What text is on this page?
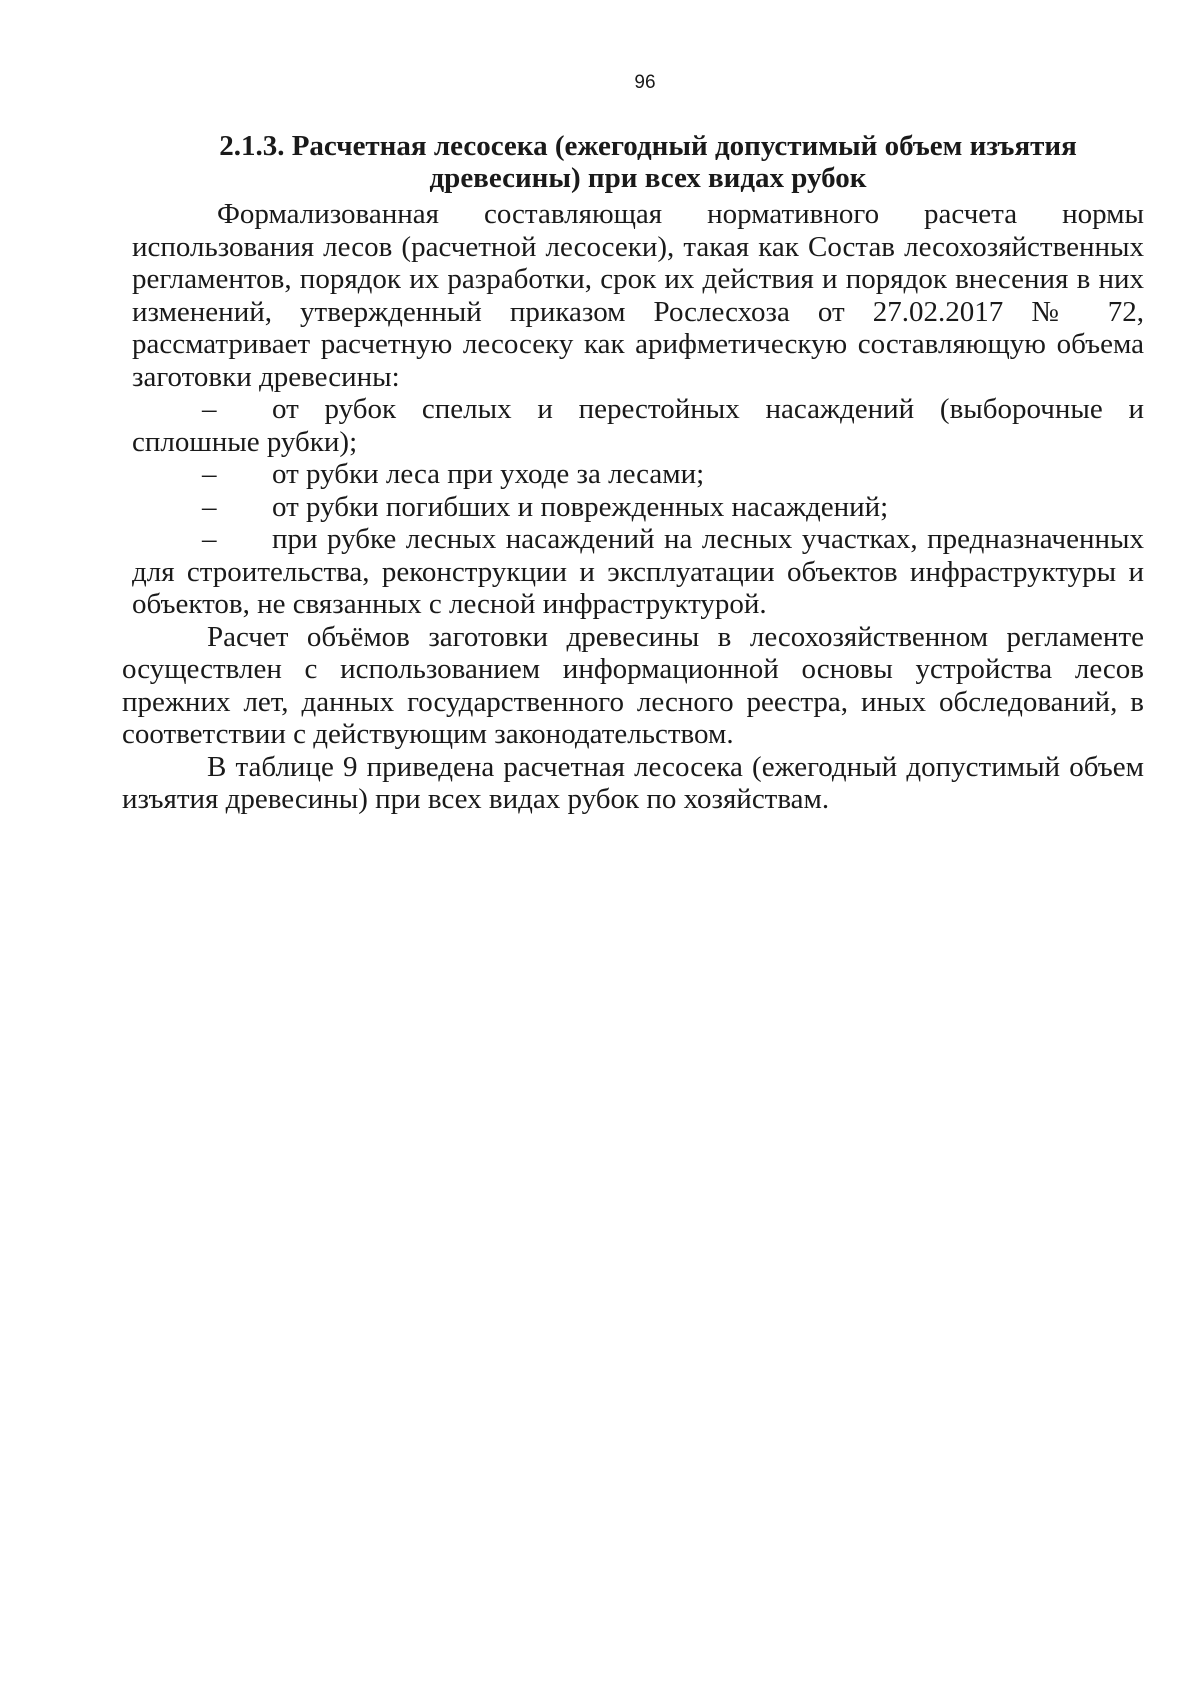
96
2.1.3. Расчетная лесосека (ежегодный допустимый объем изъятия
древесины) при всех видах рубок

Формализованная составляющая нормативного расчета нормы использования лесов (расчетной лесосеки), такая как Состав лесохозяйственных регламентов, порядок их разработки, срок их действия и порядок внесения в них изменений, утвержденный приказом Рослесхоза от 27.02.2017 № 72, рассматривает расчетную лесосеку как арифметическую составляющую объема заготовки древесины:

– от рубок спелых и перестойных насаждений (выборочные и сплошные рубки);

– от рубки леса при уходе за лесами;

– от рубки погибших и поврежденных насаждений;

– при рубке лесных насаждений на лесных участках, предназначенных для строительства, реконструкции и эксплуатации объектов инфраструктуры и объектов, не связанных с лесной инфраструктурой.

Расчет объёмов заготовки древесины в лесохозяйственном регламенте осуществлен с использованием информационной основы устройства лесов прежних лет, данных государственного лесного реестра, иных обследований, в соответствии с действующим законодательством.

В таблице 9 приведена расчетная лесосека (ежегодный допустимый объем изъятия древесины) при всех видах рубок по хозяйствам.
